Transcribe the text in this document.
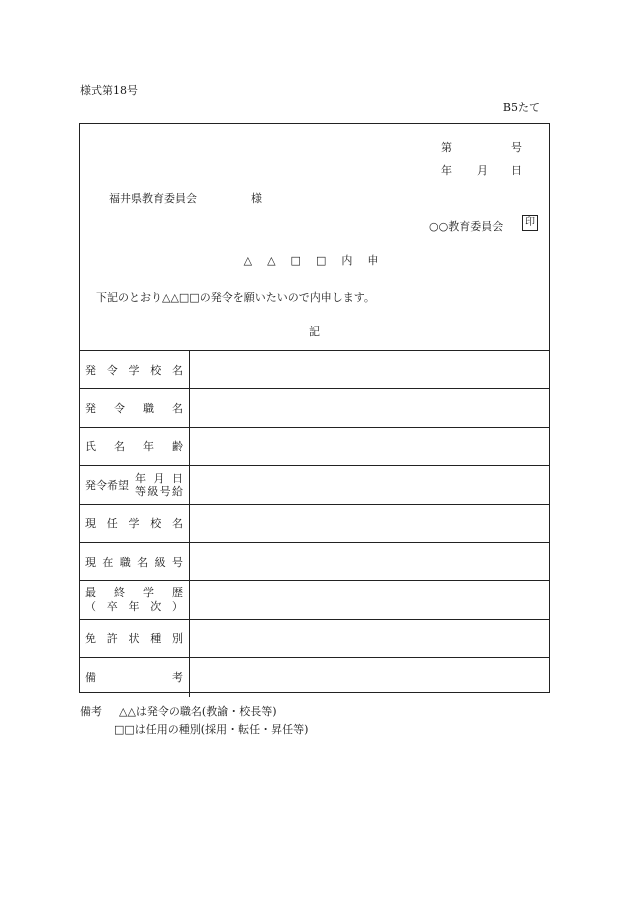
様式第18号
B5たて
第	号
年 月 日
福井県教育委員会	様
○○教育委員会	印
△△□□内申
下記のとおり△△□□の発令を願いたいので内申します。
記
発 令 学 校 名
発 令 職 名
氏 名 年 齢
発令希望
年 月 日
等 級 号 給
現 任 学 校 名
現 在 職 名 級 号
最 終 学 歴
（ 卒 年 次 ）
免 許 状 種 別
備	考
備考 △△は発令の職名(教諭・校長等)
□□は任用の種別(採用・転任・昇任等)
